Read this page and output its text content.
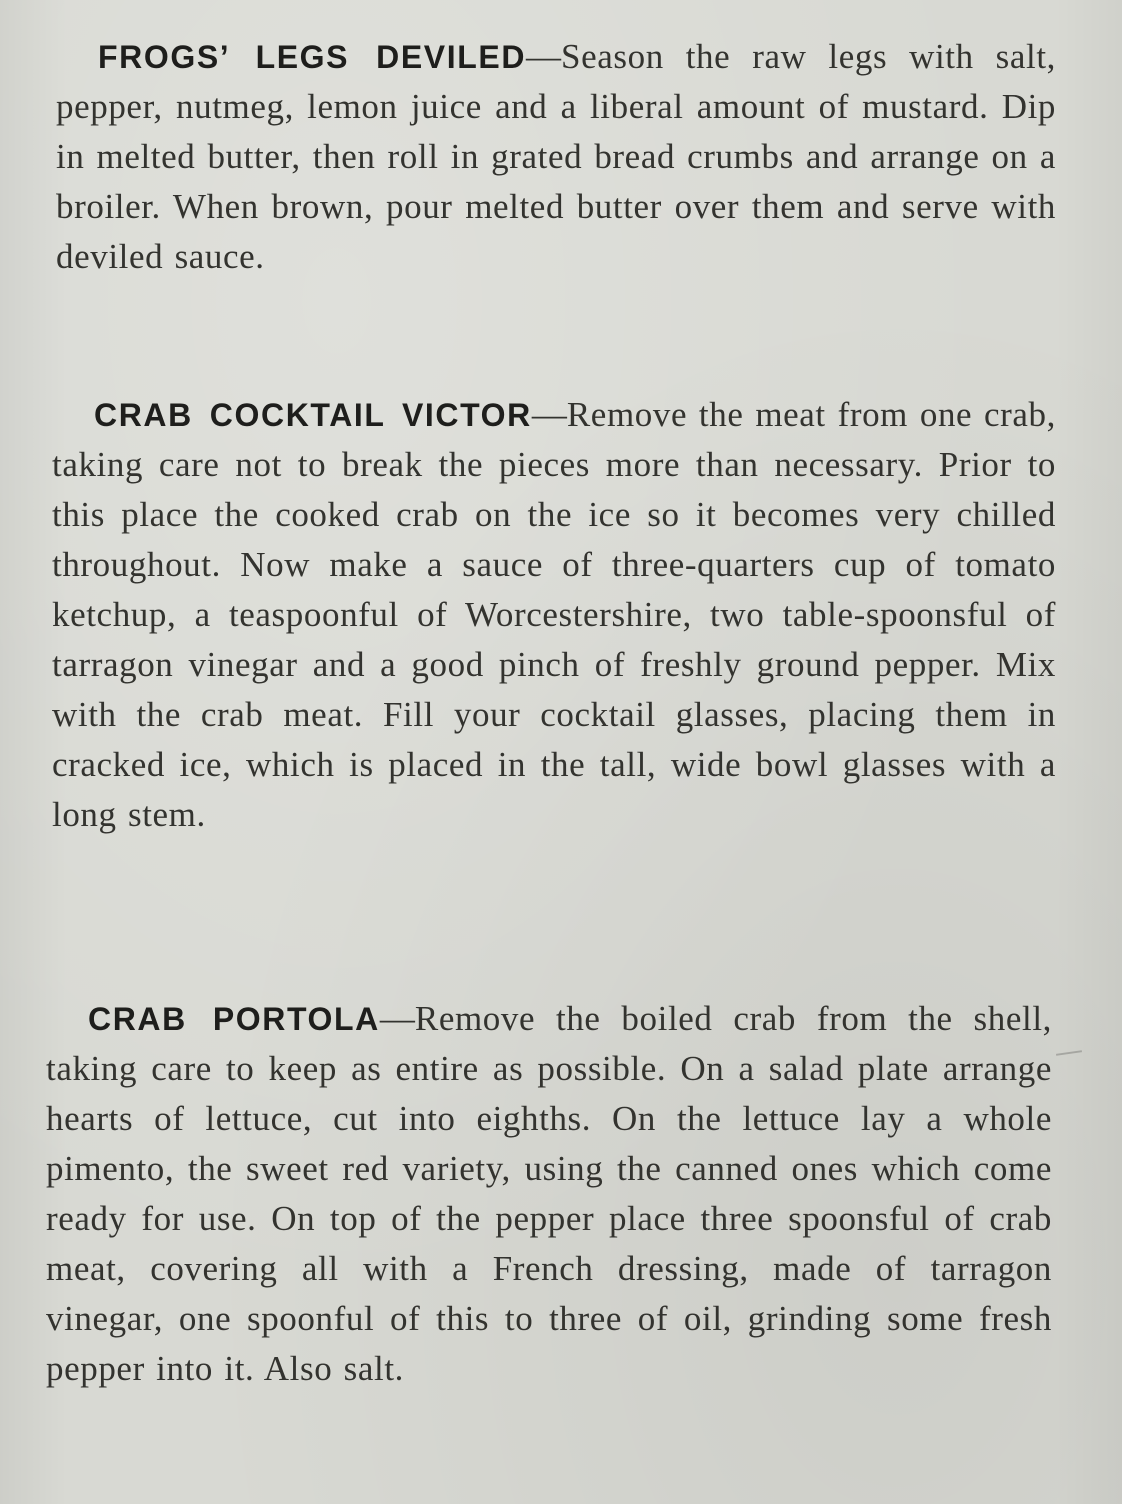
FROGS’ LEGS DEVILED—Season the raw legs with salt, pepper, nutmeg, lemon juice and a liberal amount of mustard. Dip in melted butter, then roll in grated bread crumbs and arrange on a broiler. When brown, pour melted butter over them and serve with deviled sauce.

CRAB COCKTAIL VICTOR—Remove the meat from one crab, taking care not to break the pieces more than necessary. Prior to this place the cooked crab on the ice so it becomes very chilled throughout. Now make a sauce of three-quarters cup of tomato ketchup, a teaspoonful of Worcestershire, two table-spoonsful of tarragon vinegar and a good pinch of freshly ground pepper. Mix with the crab meat. Fill your cocktail glasses, placing them in cracked ice, which is placed in the tall, wide bowl glasses with a long stem.

CRAB PORTOLA—Remove the boiled crab from the shell, taking care to keep as entire as possible. On a salad plate arrange hearts of lettuce, cut into eighths. On the lettuce lay a whole pimento, the sweet red variety, using the canned ones which come ready for use. On top of the pepper place three spoonsful of crab meat, covering all with a French dressing, made of tarragon vinegar, one spoonful of this to three of oil, grinding some fresh pepper into it. Also salt.
